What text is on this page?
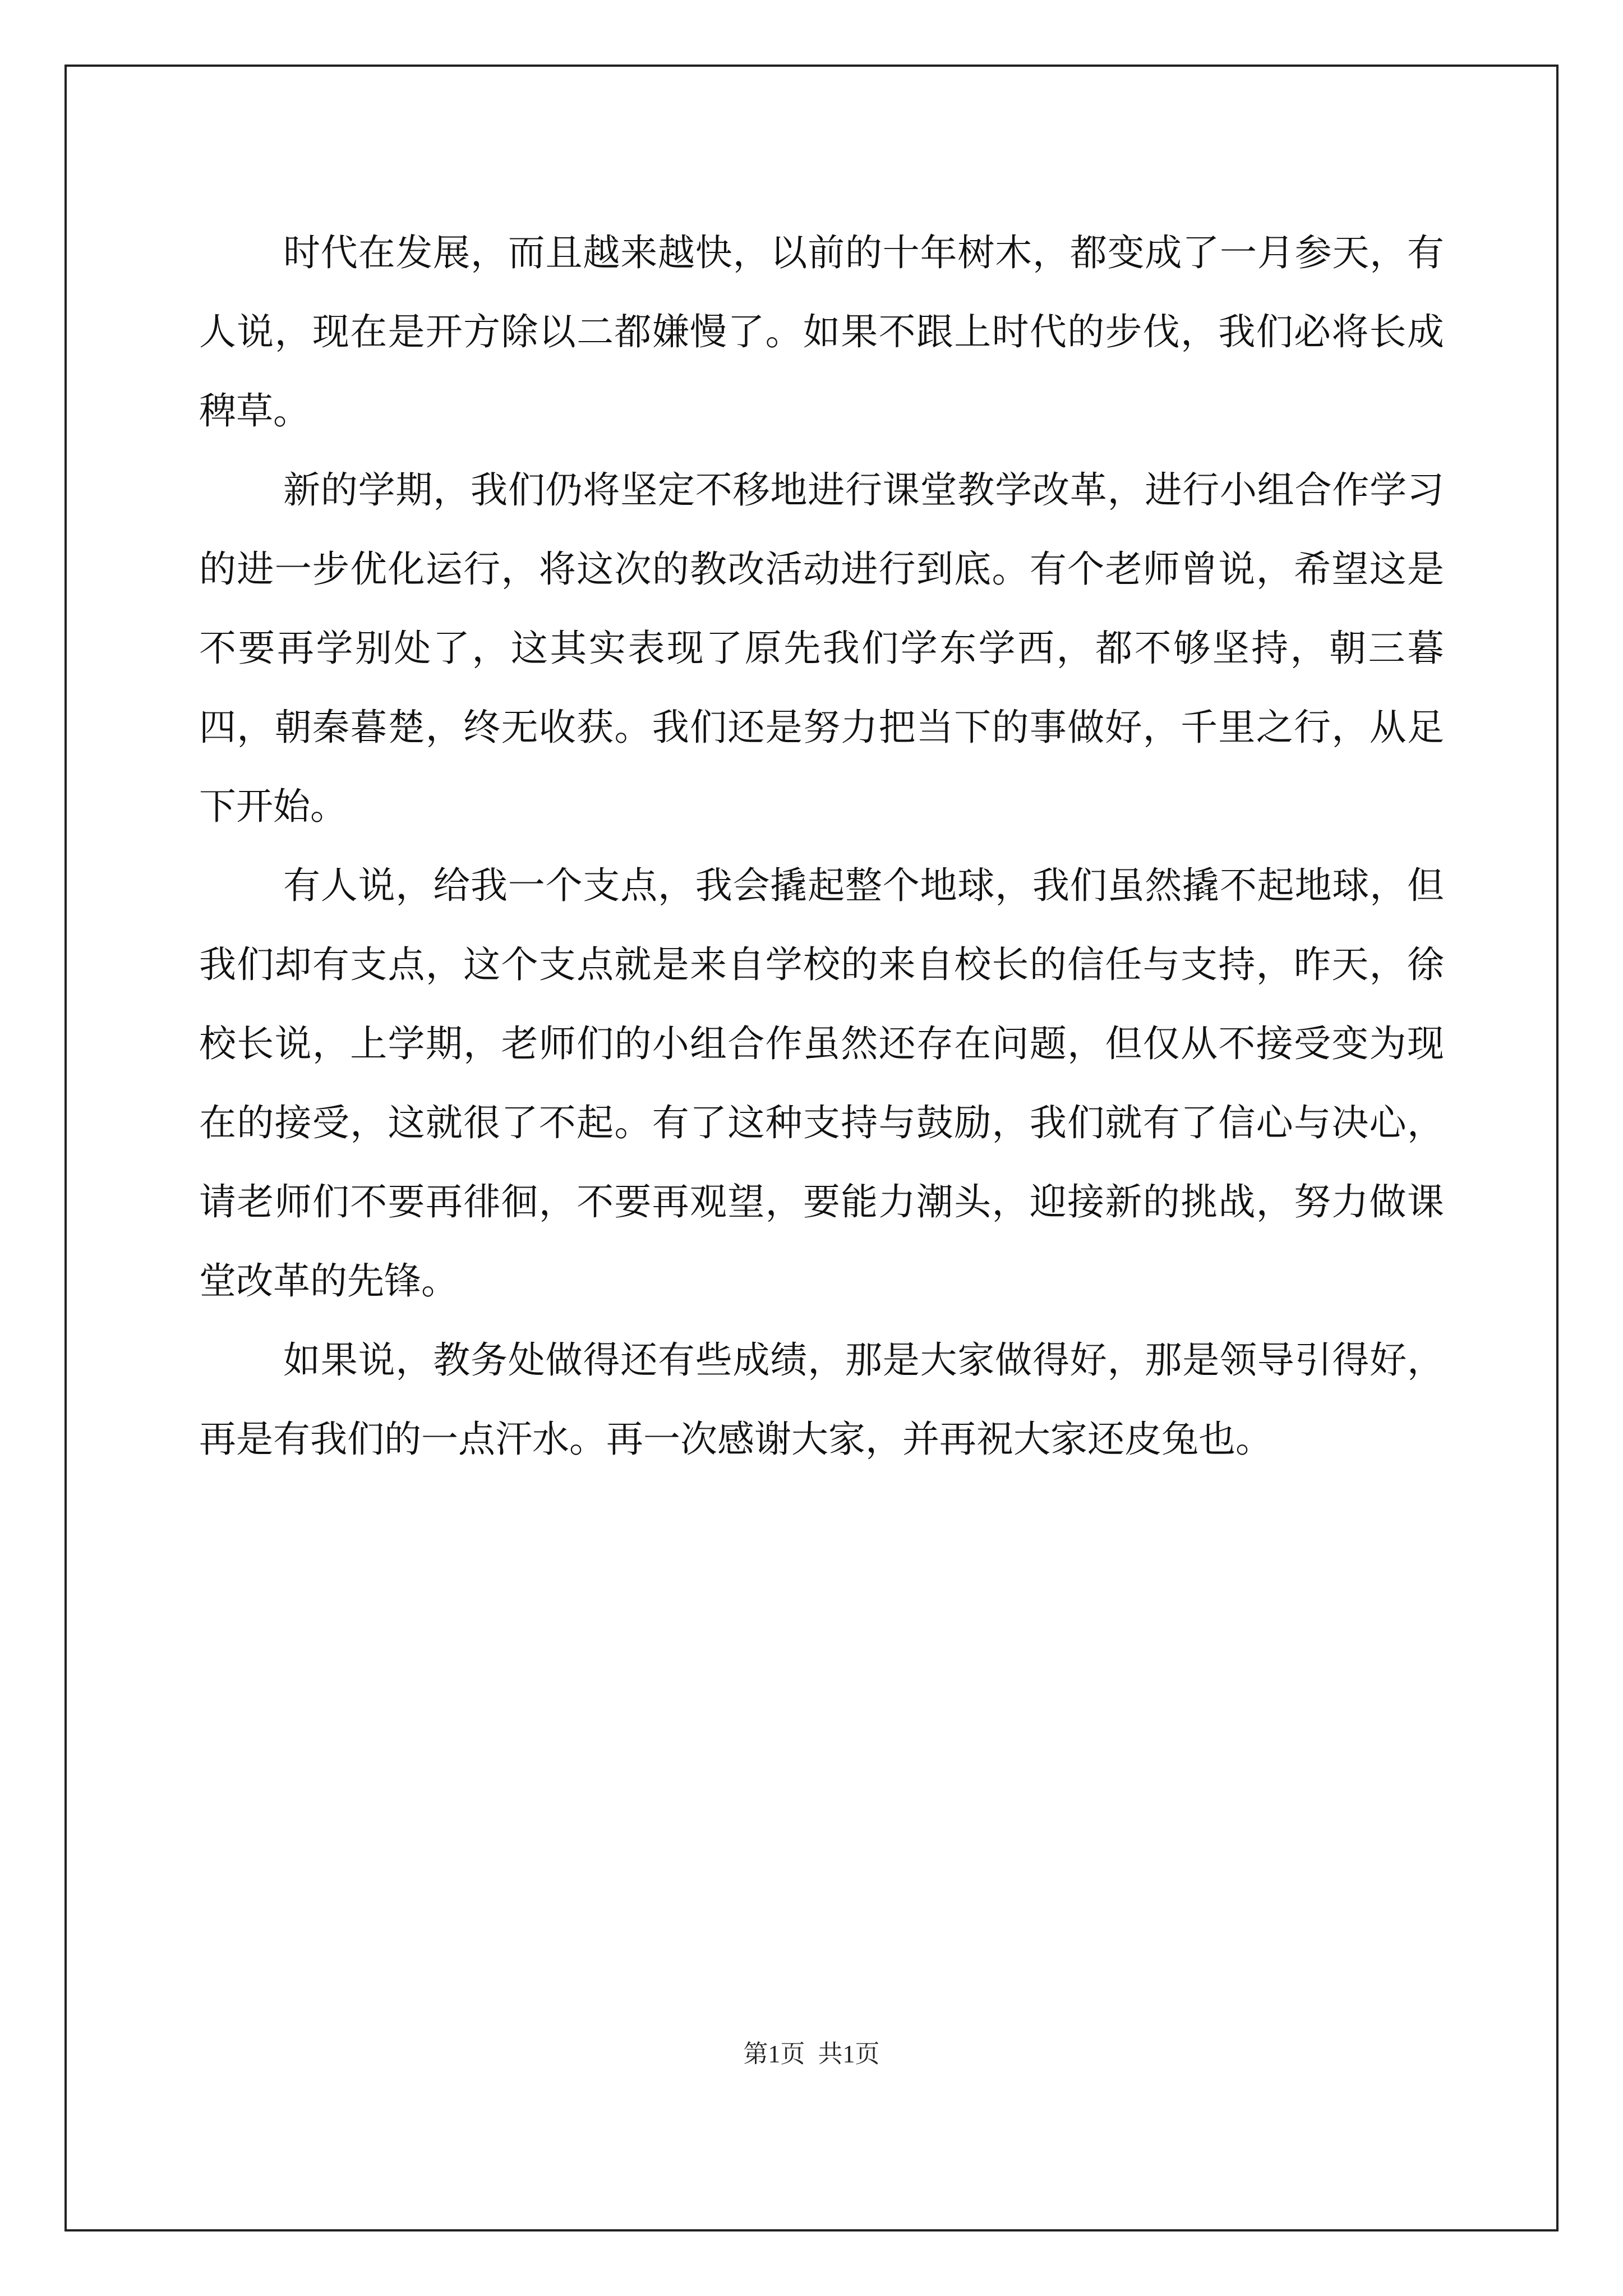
时代在发展，而且越来越快，以前的十年树木，都变成了一月参天，有人说，现在是开方除以二都嫌慢了。如果不跟上时代的步伐，我们必将长成稗草。

新的学期，我们仍将坚定不移地进行课堂教学改革，进行小组合作学习的进一步优化运行，将这次的教改活动进行到底。有个老师曾说，希望这是不要再学别处了，这其实表现了原先我们学东学西，都不够坚持，朝三暮四，朝秦暮楚，终无收获。我们还是努力把当下的事做好，千里之行，从足下开始。

有人说，给我一个支点，我会撬起整个地球，我们虽然撬不起地球，但我们却有支点，这个支点就是来自学校的来自校长的信任与支持，昨天，徐校长说，上学期，老师们的小组合作虽然还存在问题，但仅从不接受变为现在的接受，这就很了不起。有了这种支持与鼓励，我们就有了信心与决心，请老师们不要再徘徊，不要再观望，要能力潮头，迎接新的挑战，努力做课堂改革的先锋。

如果说，教务处做得还有些成绩，那是大家做得好，那是领导引得好，再是有我们的一点汗水。再一次感谢大家，并再祝大家还皮兔也。

第1页 共1页
